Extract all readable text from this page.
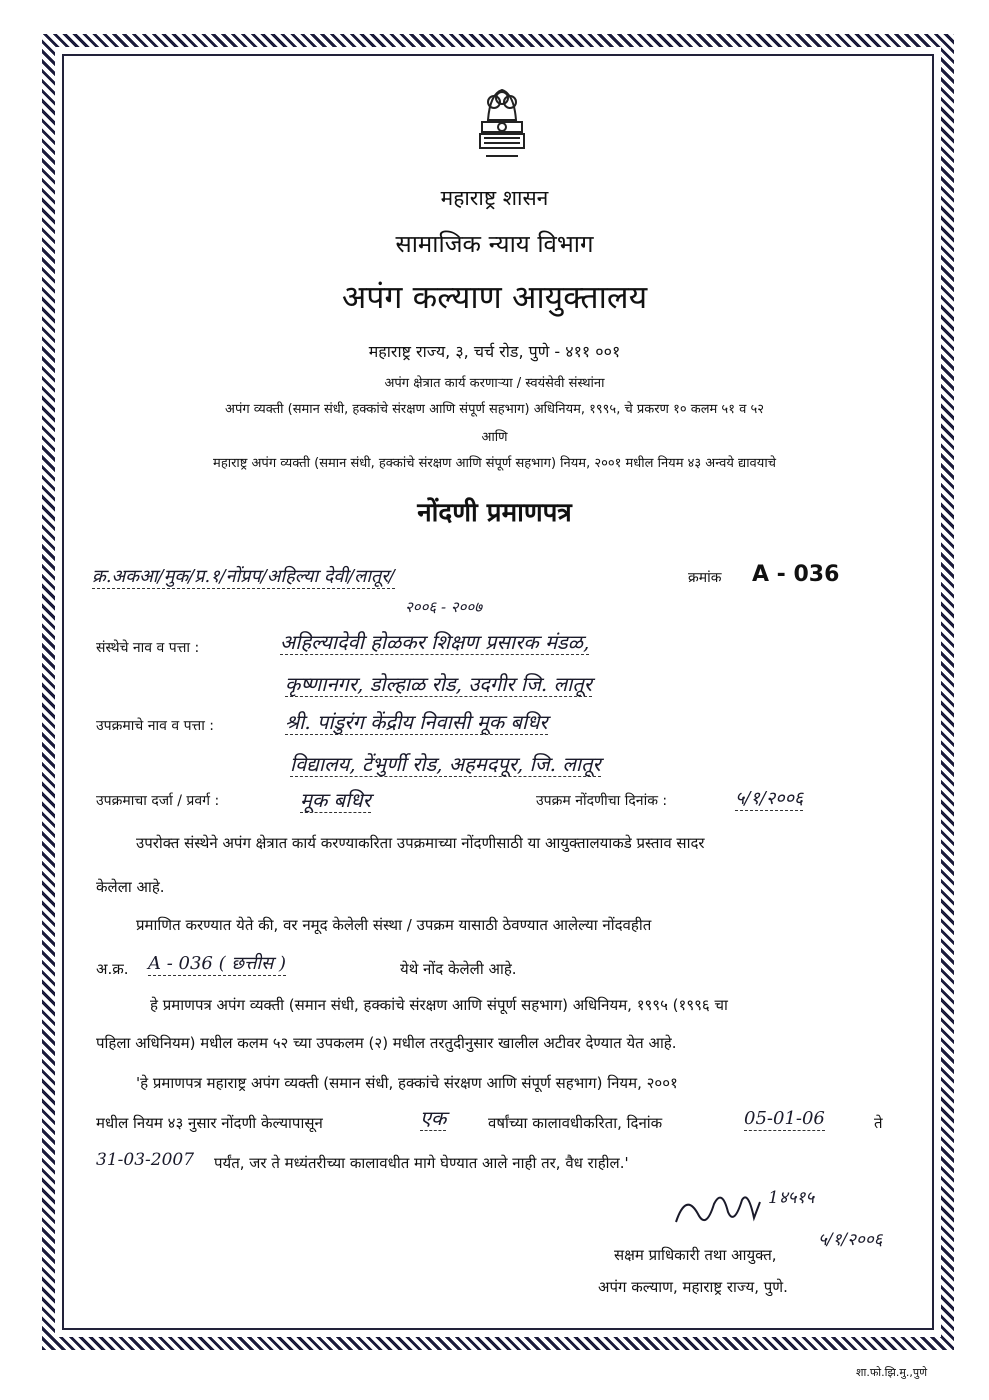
महाराष्ट्र शासन
सामाजिक न्याय विभाग
अपंग कल्याण आयुक्तालय
महाराष्ट्र राज्य, ३, चर्च रोड, पुणे - ४११ ००१
अपंग क्षेत्रात कार्य करणाऱ्या / स्वयंसेवी संस्थांना
अपंग व्यक्ती (समान संधी, हक्कांचे संरक्षण आणि संपूर्ण सहभाग) अधिनियम, १९९५, चे प्रकरण १० कलम ५१ व ५२
आणि
महाराष्ट्र अपंग व्यक्ती (समान संधी, हक्कांचे संरक्षण आणि संपूर्ण सहभाग) नियम, २००१ मधील नियम ४३ अन्वये द्यावयाचे
नोंदणी प्रमाणपत्र
क्र.अकआ/मुक/प्र.१/नोंप्रप/अहिल्या देवी/लातूर/
२००६ - २००७
क्रमांक A - 036
संस्थेचे नाव व पत्ता :	अहिल्यादेवी होळकर शिक्षण प्रसारक मंडळ,
कृष्णानगर, डोल्हाळ रोड, उदगीर जि. लातूर
उपक्रमाचे नाव व पत्ता :	श्री. पांडुरंग केंद्रीय निवासी मूक बधिर
विद्यालय, टेंभुर्णी रोड, अहमदपूर, जि. लातूर
उपक्रमाचा दर्जा / प्रवर्ग :	मूक बधिर	उपक्रम नोंदणीचा दिनांक :	५/१/२००६
उपरोक्त संस्थेने अपंग क्षेत्रात कार्य करण्याकरिता उपक्रमाच्या नोंदणीसाठी या आयुक्तालयाकडे प्रस्ताव सादर
केलेला आहे.
प्रमाणित करण्यात येते की, वर नमूद केलेली संस्था / उपक्रम यासाठी ठेवण्यात आलेल्या नोंदवहीत
अ.क्र. A - 036 ( छत्तीस )	येथे नोंद केलेली आहे.
हे प्रमाणपत्र अपंग व्यक्ती (समान संधी, हक्कांचे संरक्षण आणि संपूर्ण सहभाग) अधिनियम, १९९५ (१९९६ चा
पहिला अधिनियम) मधील कलम ५२ च्या उपकलम (२) मधील तरतुदीनुसार खालील अटीवर देण्यात येत आहे.
'हे प्रमाणपत्र महाराष्ट्र अपंग व्यक्ती (समान संधी, हक्कांचे संरक्षण आणि संपूर्ण सहभाग) नियम, २००१
मधील नियम ४३ नुसार नोंदणी केल्यापासून	एक	वर्षांच्या कालावधीकरिता, दिनांक	05-01-06	ते
31-03-2007 पर्यंत, जर ते मध्यंतरीच्या कालावधीत मागे घेण्यात आले नाही तर, वैध राहील.'
1४५१५
५/१/२००६
सक्षम प्राधिकारी तथा आयुक्त,
अपंग कल्याण, महाराष्ट्र राज्य, पुणे.
शा.फो.झि.मु.,पुणे
